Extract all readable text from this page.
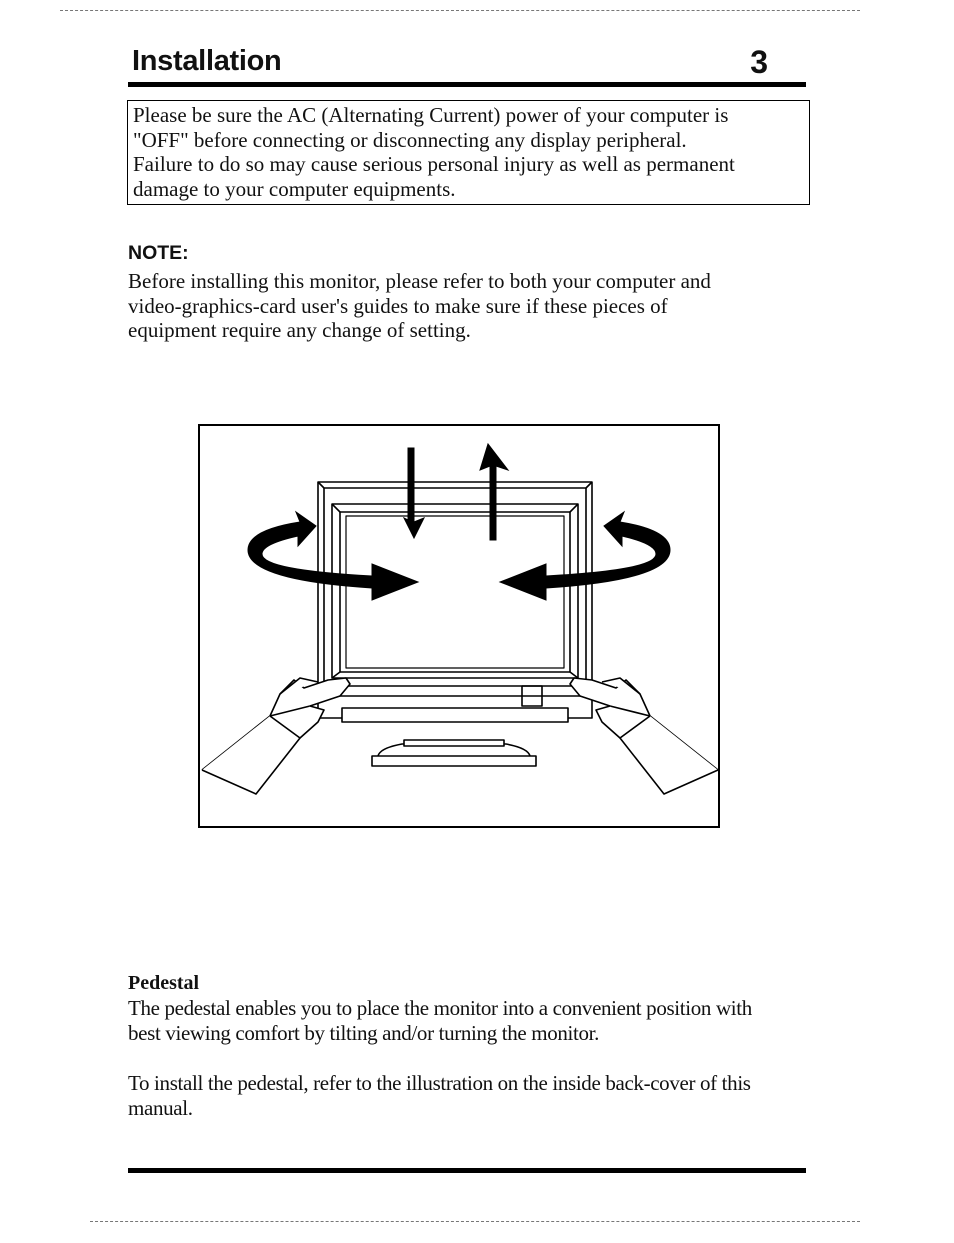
Installation	3

Please be sure the AC (Alternating Current) power of your computer is

"OFF" before connecting or disconnecting any display peripheral.

Failure to do so may cause serious personal injury as well as permanent

damage to your computer equipments.

NOTE:

Before installing this monitor, please refer to both your computer and

video-graphics-card user's guides to make sure if these pieces of

equipment require any change of setting.

Pedestal

The pedestal enables you to place the monitor into a convenient position with
best viewing comfort by tilting and/or turning the monitor.

To install the pedestal, refer to the illustration on the inside back-cover of this
manual.
